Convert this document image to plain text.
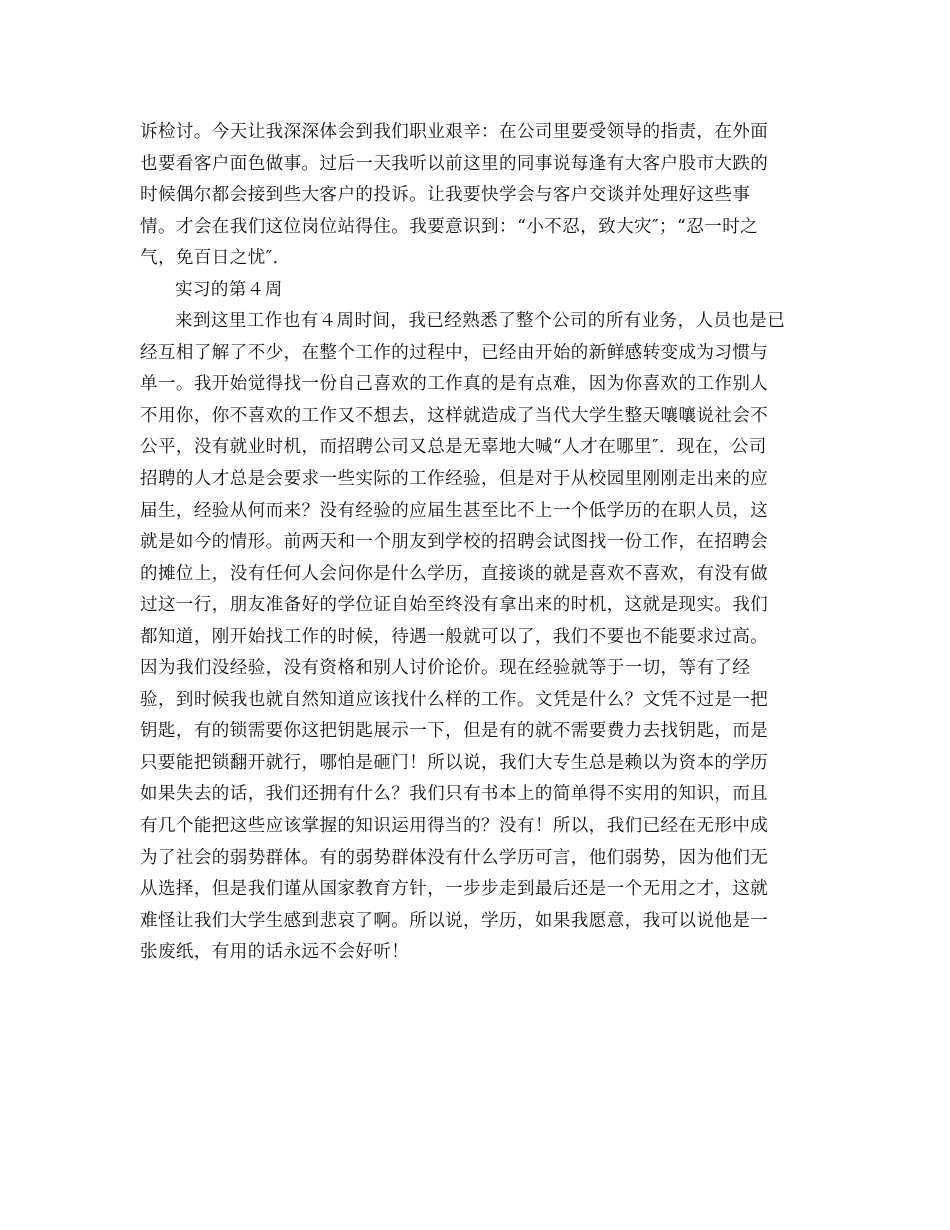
诉检讨。今天让我深深体会到我们职业艰辛：在公司里要受领导的指责，在外面
也要看客户面色做事。过后一天我听以前这里的同事说每逢有大客户股市大跌的
时候偶尔都会接到些大客户的投诉。让我要快学会与客户交谈并处理好这些事
情。才会在我们这位岗位站得住。我要意识到：“小不忍，致大灾″；“忍一时之
气，免百日之忧″．
实习的第４周
来到这里工作也有４周时间，我已经熟悉了整个公司的所有业务，人员也是已
经互相了解了不少，在整个工作的过程中，已经由开始的新鲜感转变成为习惯与
单一。我开始觉得找一份自己喜欢的工作真的是有点难，因为你喜欢的工作别人
不用你，你不喜欢的工作又不想去，这样就造成了当代大学生整天嚷嚷说社会不
公平，没有就业时机，而招聘公司又总是无辜地大喊“人才在哪里″．现在，公司
招聘的人才总是会要求一些实际的工作经验，但是对于从校园里刚刚走出来的应
届生，经验从何而来？没有经验的应届生甚至比不上一个低学历的在职人员，这
就是如今的情形。前两天和一个朋友到学校的招聘会试图找一份工作，在招聘会
的摊位上，没有任何人会问你是什么学历，直接谈的就是喜欢不喜欢，有没有做
过这一行，朋友准备好的学位证自始至终没有拿出来的时机，这就是现实。我们
都知道，刚开始找工作的时候，待遇一般就可以了，我们不要也不能要求过高。
因为我们没经验，没有资格和别人讨价论价。现在经验就等于一切，等有了经
验，到时候我也就自然知道应该找什么样的工作。文凭是什么？文凭不过是一把
钥匙，有的锁需要你这把钥匙展示一下，但是有的就不需要费力去找钥匙，而是
只要能把锁翻开就行，哪怕是砸门！所以说，我们大专生总是赖以为资本的学历
如果失去的话，我们还拥有什么？我们只有书本上的简单得不实用的知识，而且
有几个能把这些应该掌握的知识运用得当的？没有！所以，我们已经在无形中成
为了社会的弱势群体。有的弱势群体没有什么学历可言，他们弱势，因为他们无
从选择，但是我们谨从国家教育方针，一步步走到最后还是一个无用之才，这就
难怪让我们大学生感到悲哀了啊。所以说，学历，如果我愿意，我可以说他是一
张废纸，有用的话永远不会好听！
